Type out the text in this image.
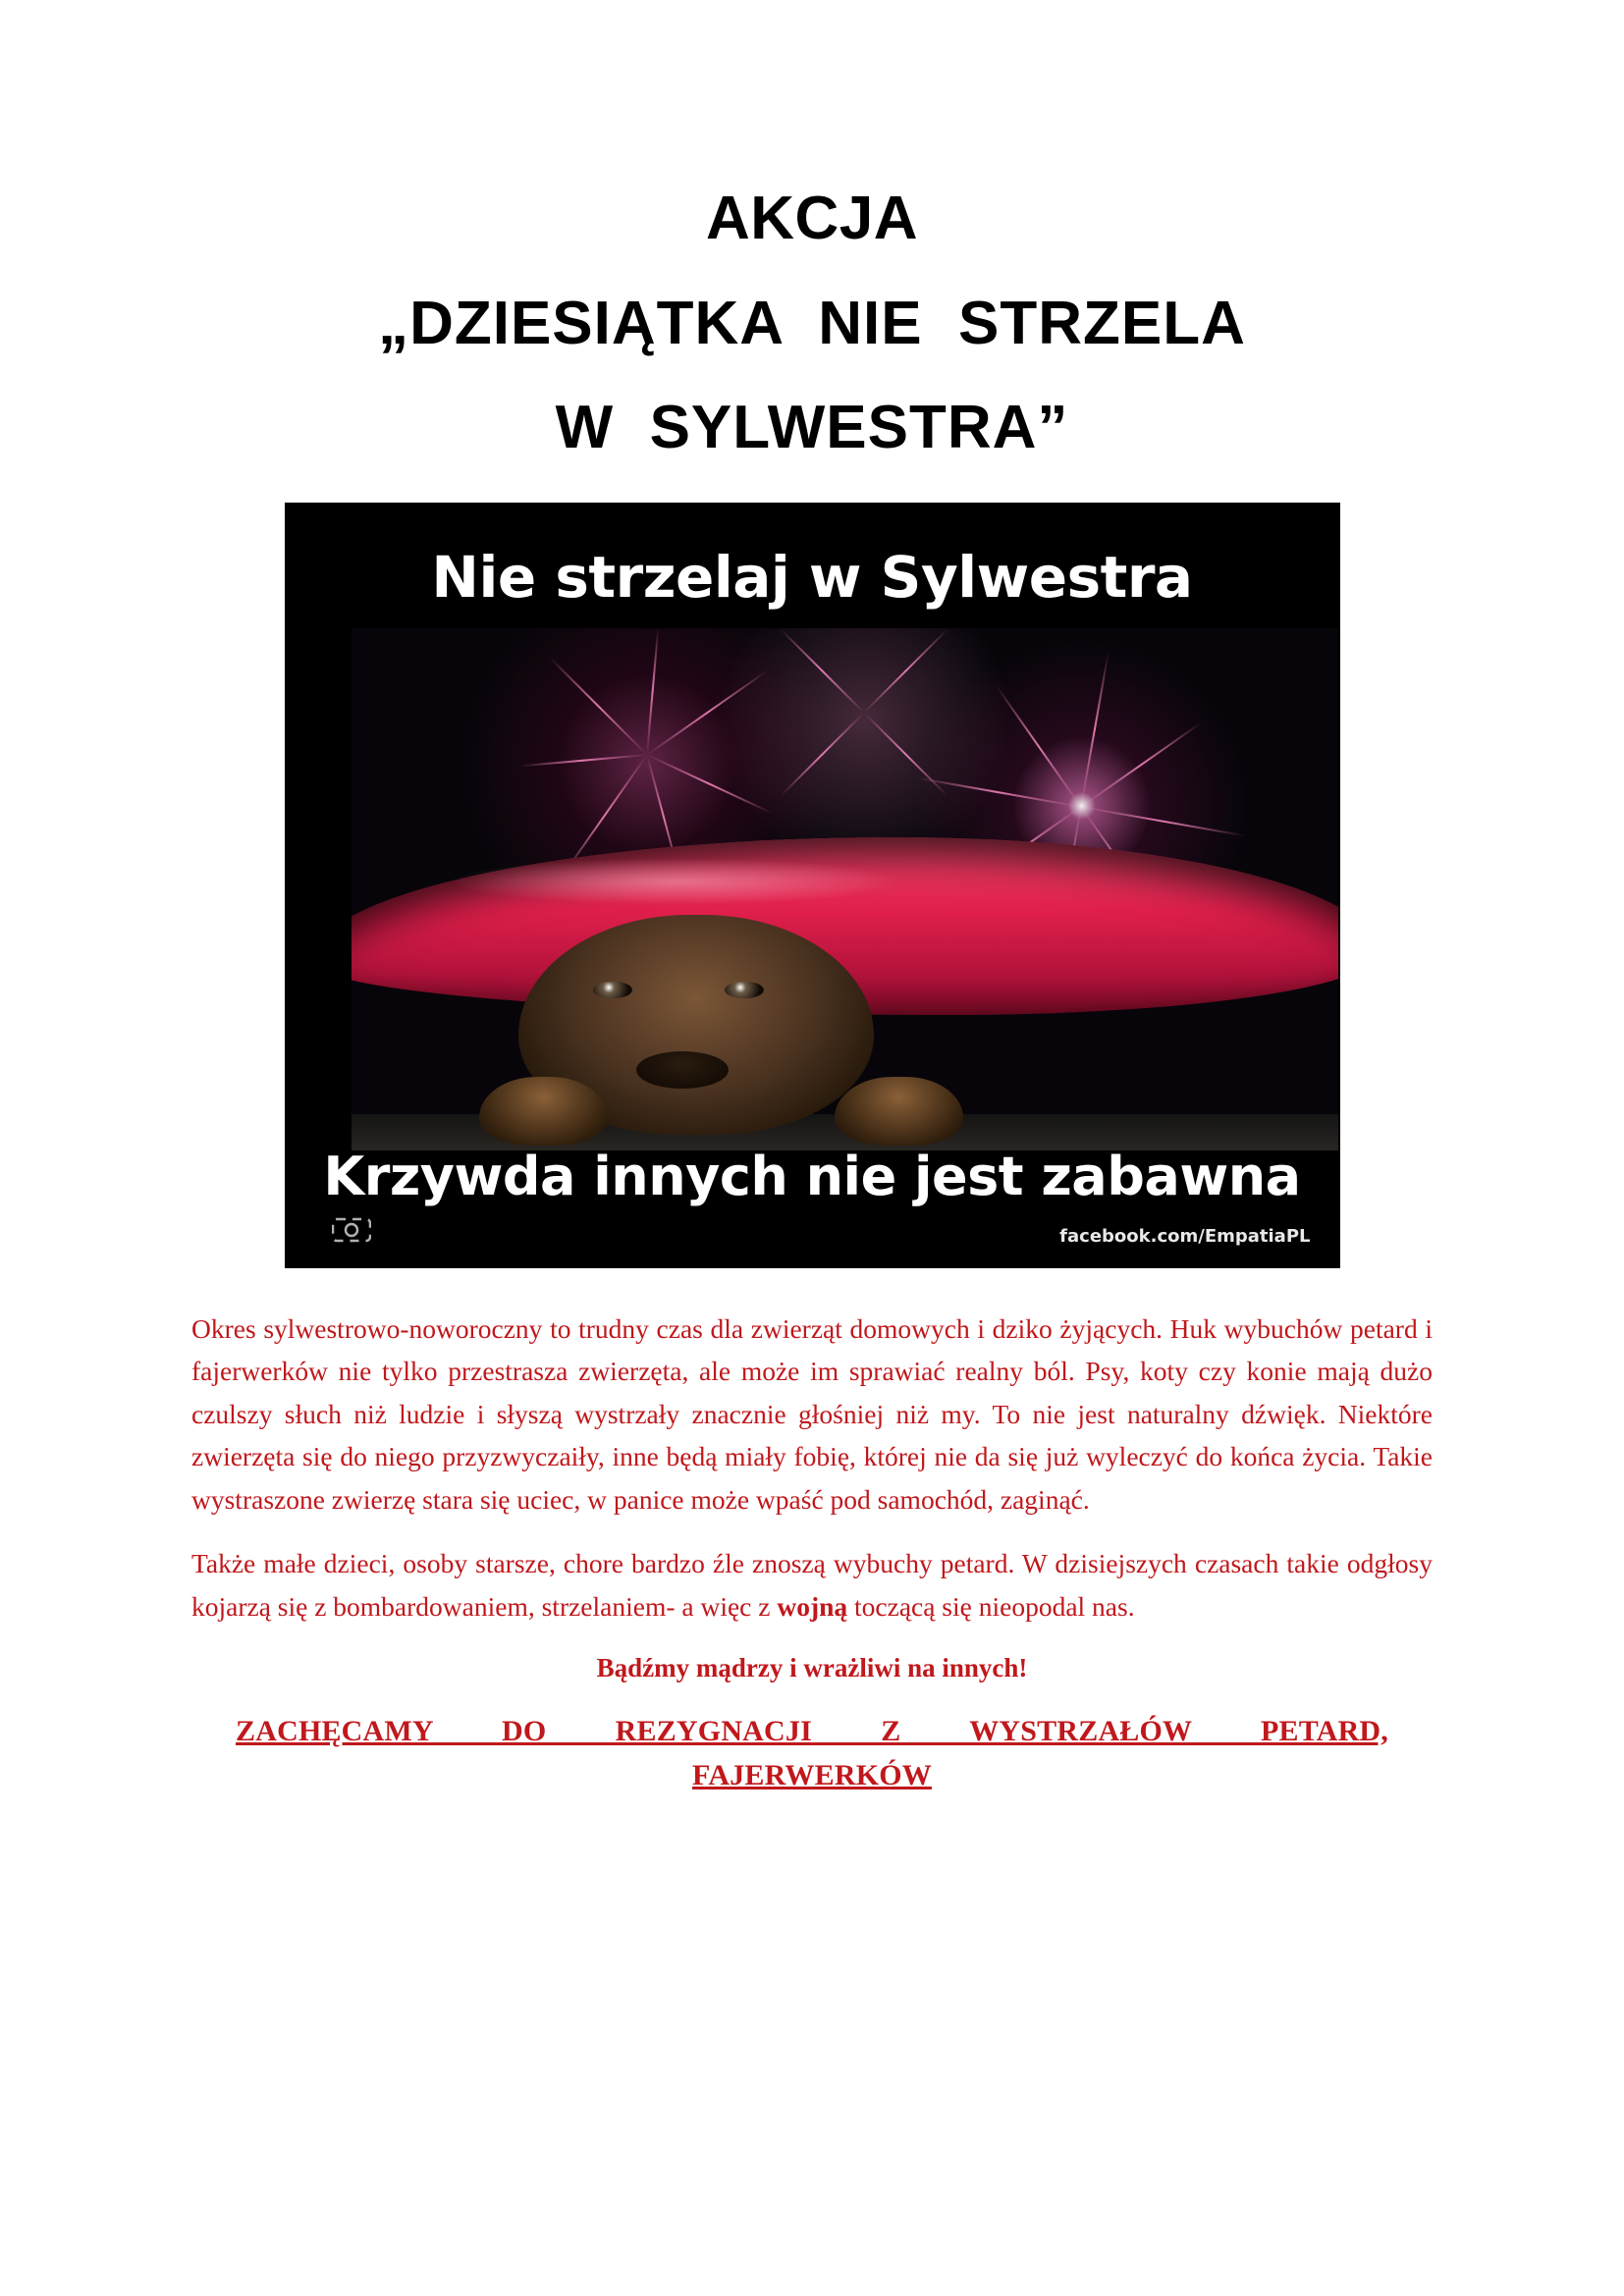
AKCJA
„​DZIESIĄTKA  NIE  STRZELA
W  SYLWESTRA”
Nie strzelaj w Sylwestra
Krzywda innych nie jest zabawna
facebook.com/EmpatiaPL

Okres sylwestrowo-noworoczny to trudny czas dla zwierząt domowych i dziko żyjących. Huk wybuchów petard i fajerwerków nie tylko przestrasza zwierzęta, ale może im sprawiać realny ból. Psy, koty czy konie mają dużo czulszy słuch niż ludzie i słyszą wystrzały znacznie głośniej niż my. To nie jest naturalny dźwięk. Niektóre zwierzęta się do niego przyzwyczaiły, inne będą miały fobię, której nie da się już wyleczyć do końca życia. Takie wystraszone zwierzę stara się uciec, w panice może wpaść pod samochód, zaginąć.

Także małe dzieci, osoby starsze, chore bardzo źle znoszą wybuchy petard. W dzisiejszych czasach takie odgłosy kojarzą się z bombardowaniem, strzelaniem- a więc z wojną toczącą się nieopodal nas.

Bądźmy mądrzy i wrażliwi na innych!
ZACHĘCAMY DO REZYGNACJI Z WYSTRZAŁÓW PETARD,
FAJERWERKÓW
